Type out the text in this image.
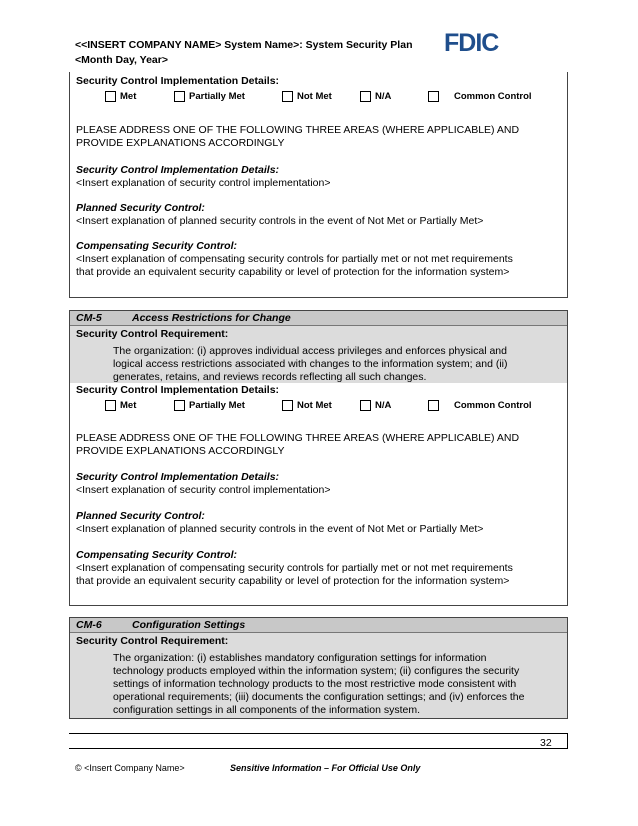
<<INSERT COMPANY NAME> System Name>: System Security Plan
<Month Day, Year>
FDIC
Security Control Implementation Details:
Met	Partially Met	Not Met	N/A	Common Control
PLEASE ADDRESS ONE OF THE FOLLOWING THREE AREAS (WHERE APPLICABLE) AND
PROVIDE EXPLANATIONS ACCORDINGLY
Security Control Implementation Details:
<Insert explanation of security control implementation>
Planned Security Control:
<Insert explanation of planned security controls in the event of Not Met or Partially Met>
Compensating Security Control:
<Insert explanation of compensating security controls for partially met or not met requirements
that provide an equivalent security capability or level of protection for the information system>
CM-5	Access Restrictions for Change
Security Control Requirement:
The organization: (i) approves individual access privileges and enforces physical and
logical access restrictions associated with changes to the information system; and (ii)
generates, retains, and reviews records reflecting all such changes.
Security Control Implementation Details:
Met	Partially Met	Not Met	N/A	Common Control
PLEASE ADDRESS ONE OF THE FOLLOWING THREE AREAS (WHERE APPLICABLE) AND
PROVIDE EXPLANATIONS ACCORDINGLY
Security Control Implementation Details:
<Insert explanation of security control implementation>
Planned Security Control:
<Insert explanation of planned security controls in the event of Not Met or Partially Met>
Compensating Security Control:
<Insert explanation of compensating security controls for partially met or not met requirements
that provide an equivalent security capability or level of protection for the information system>
CM-6	Configuration Settings
Security Control Requirement:
The organization: (i) establishes mandatory configuration settings for information
technology products employed within the information system; (ii) configures the security
settings of information technology products to the most restrictive mode consistent with
operational requirements; (iii) documents the configuration settings; and (iv) enforces the
configuration settings in all components of the information system.
32
© <Insert Company Name>	Sensitive Information – For Official Use Only
